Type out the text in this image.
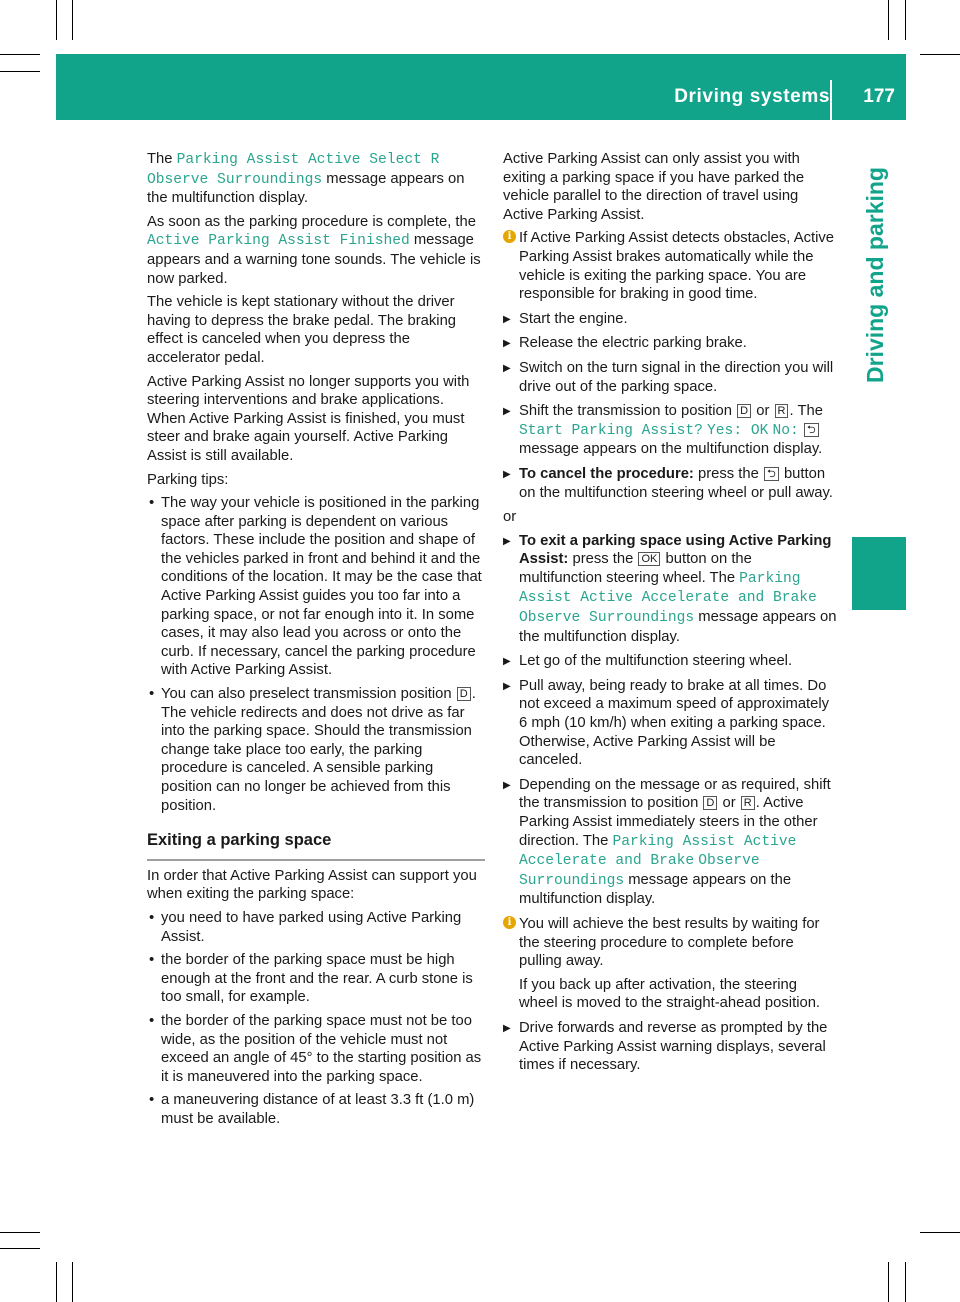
Driving systems 177
Driving and parking

The Parking Assist Active Select R Observe Surroundings message appears on the multifunction display.

As soon as the parking procedure is complete, the Active Parking Assist Finished message appears and a warning tone sounds. The vehicle is now parked.

The vehicle is kept stationary without the driver having to depress the brake pedal. The braking effect is canceled when you depress the accelerator pedal.

Active Parking Assist no longer supports you with steering interventions and brake applications. When Active Parking Assist is finished, you must steer and brake again yourself. Active Parking Assist is still available.

Parking tips:

• The way your vehicle is positioned in the parking space after parking is dependent on various factors. These include the position and shape of the vehicles parked in front and behind it and the conditions of the location. It may be the case that Active Parking Assist guides you too far into a parking space, or not far enough into it. In some cases, it may also lead you across or onto the curb. If necessary, cancel the parking procedure with Active Parking Assist.
• You can also preselect transmission position D . The vehicle redirects and does not drive as far into the parking space. Should the transmission change take place too early, the parking procedure is canceled. A sensible parking position can no longer be achieved from this position.
Exiting a parking space

In order that Active Parking Assist can support you when exiting the parking space:

• you need to have parked using Active Parking Assist.
• the border of the parking space must be high enough at the front and the rear. A curb stone is too small, for example.
• the border of the parking space must not be too wide, as the position of the vehicle must not exceed an angle of 45° to the starting position as it is maneuvered into the parking space.
• a maneuvering distance of at least 3.3 ft (1.0 m) must be available.

Active Parking Assist can only assist you with exiting a parking space if you have parked the vehicle parallel to the direction of travel using Active Parking Assist.

i If Active Parking Assist detects obstacles, Active Parking Assist brakes automatically while the vehicle is exiting the parking space. You are responsible for braking in good time.
▶ Start the engine.
▶ Release the electric parking brake.
▶ Switch on the turn signal in the direction you will drive out of the parking space.
▶ Shift the transmission to position D or R . The Start Parking Assist? Yes: OK No: ⮌ message appears on the multifunction display.
▶ To cancel the procedure: press the ⮌ button on the multifunction steering wheel or pull away.

or

▶ To exit a parking space using Active Parking Assist: press the OK button on the multifunction steering wheel. The Parking Assist Active Accelerate and Brake Observe Surroundings message appears on the multifunction display.
▶ Let go of the multifunction steering wheel.
▶ Pull away, being ready to brake at all times. Do not exceed a maximum speed of approximately 6 mph (10 km/h) when exiting a parking space. Otherwise, Active Parking Assist will be canceled.
▶ Depending on the message or as required, shift the transmission to position D or R . Active Parking Assist immediately steers in the other direction. The Parking Assist Active Accelerate and Brake Observe Surroundings message appears on the multifunction display.
i You will achieve the best results by waiting for the steering procedure to complete before pulling away.

If you back up after activation, the steering wheel is moved to the straight-ahead position.

▶ Drive forwards and reverse as prompted by the Active Parking Assist warning displays, several times if necessary.
